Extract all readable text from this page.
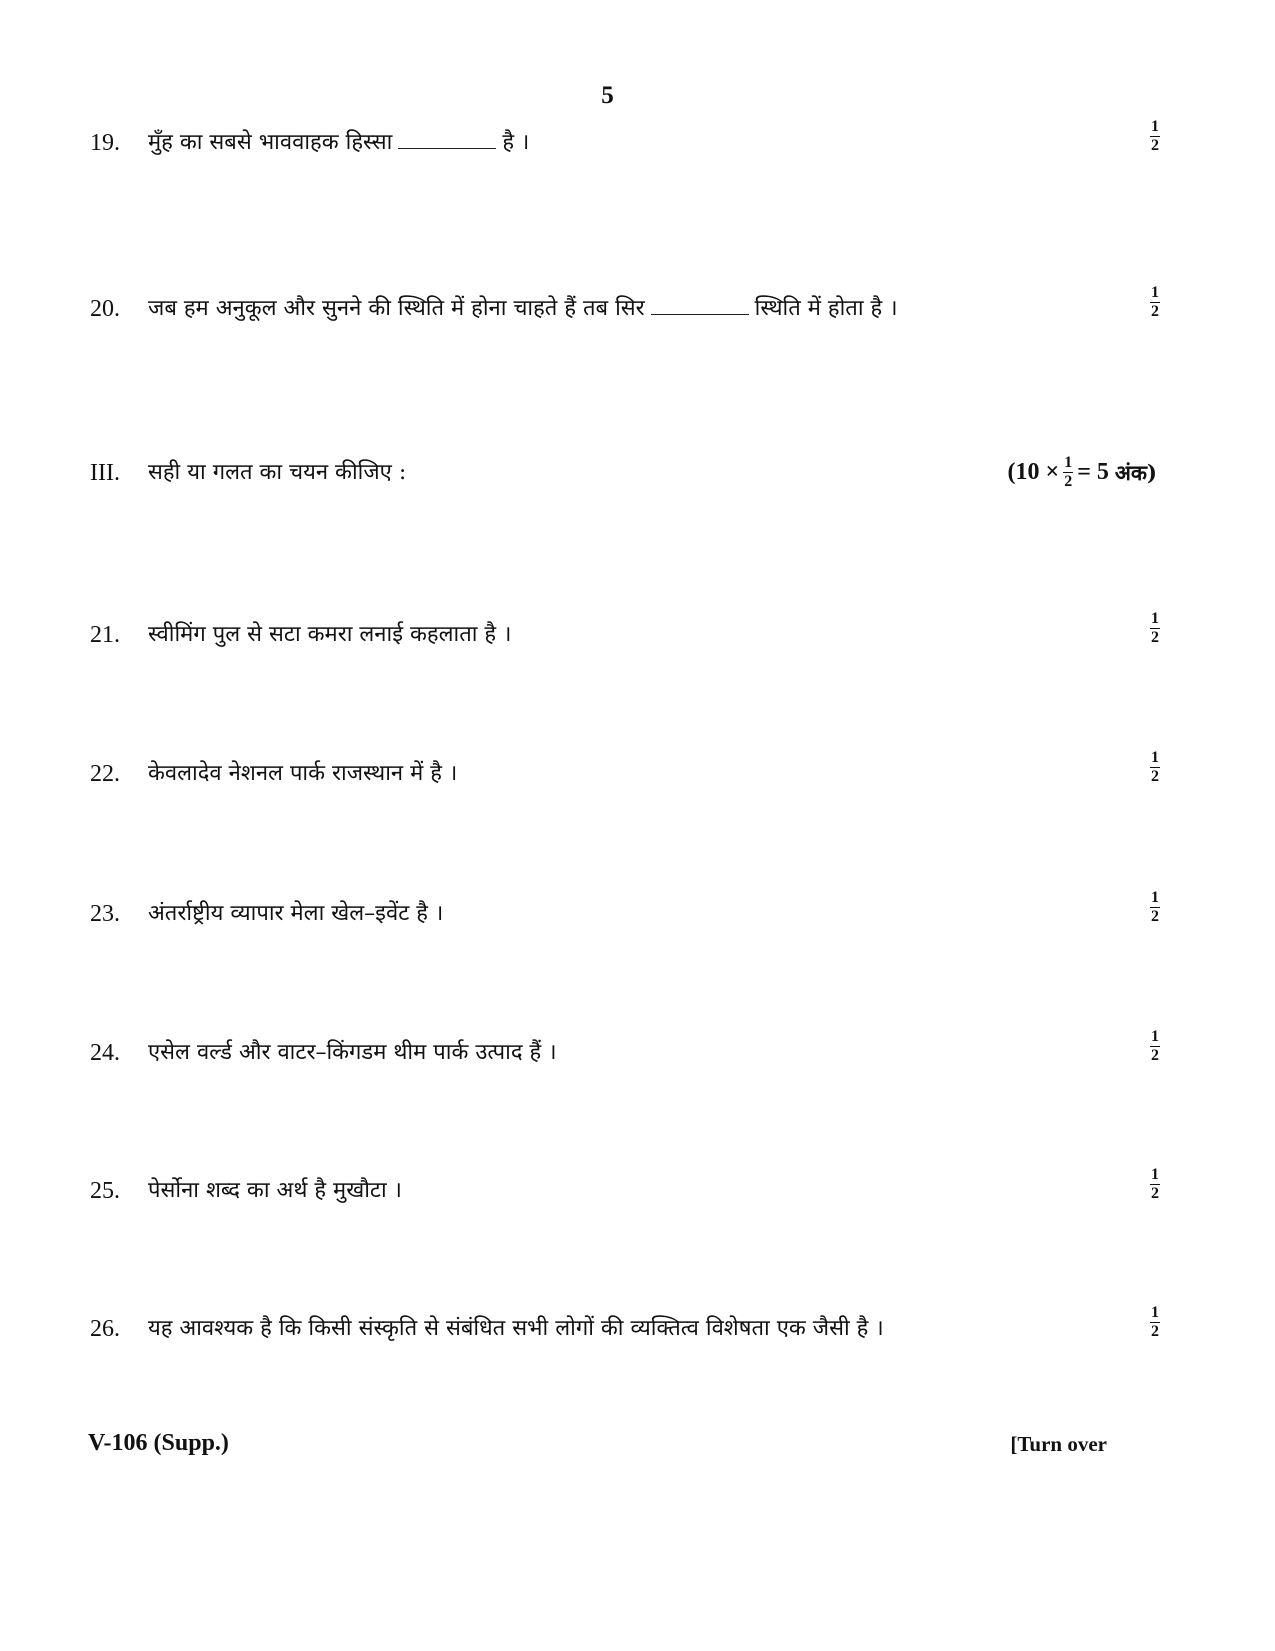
5
19. मुँह का सबसे भाववाहक हिस्सा	है ।	$\frac{1}{2}$
20. जब हम अनुकूल और सुनने की स्थिति में होना चाहते हैं तब सिर	स्थिति में होता है ।	$\frac{1}{2}$
III. सही या गलत का चयन कीजिए :	($10 \times \frac{1}{2} = 5$
अंक)
21. स्वीमिंग पुल से सटा कमरा लनाई कहलाता है ।	$\frac{1}{2}$
22. केवलादेव नेशनल पार्क राजस्थान में है ।	$\frac{1}{2}$
23. अंतर्राष्ट्रीय व्यापार मेला खेल–इवेंट है ।	$\frac{1}{2}$
24. एसेल वर्ल्ड और वाटर–किंगडम थीम पार्क उत्पाद हैं ।	$\frac{1}{2}$
25. पेर्सोना शब्द का अर्थ है मुखौटा ।	$\frac{1}{2}$
26. यह आवश्यक है कि किसी संस्कृति से संबंधित सभी लोगों की व्यक्तित्व विशेषता एक जैसी है ।	$\frac{1}{2}$
V-106 (Supp.)	[Turn over
